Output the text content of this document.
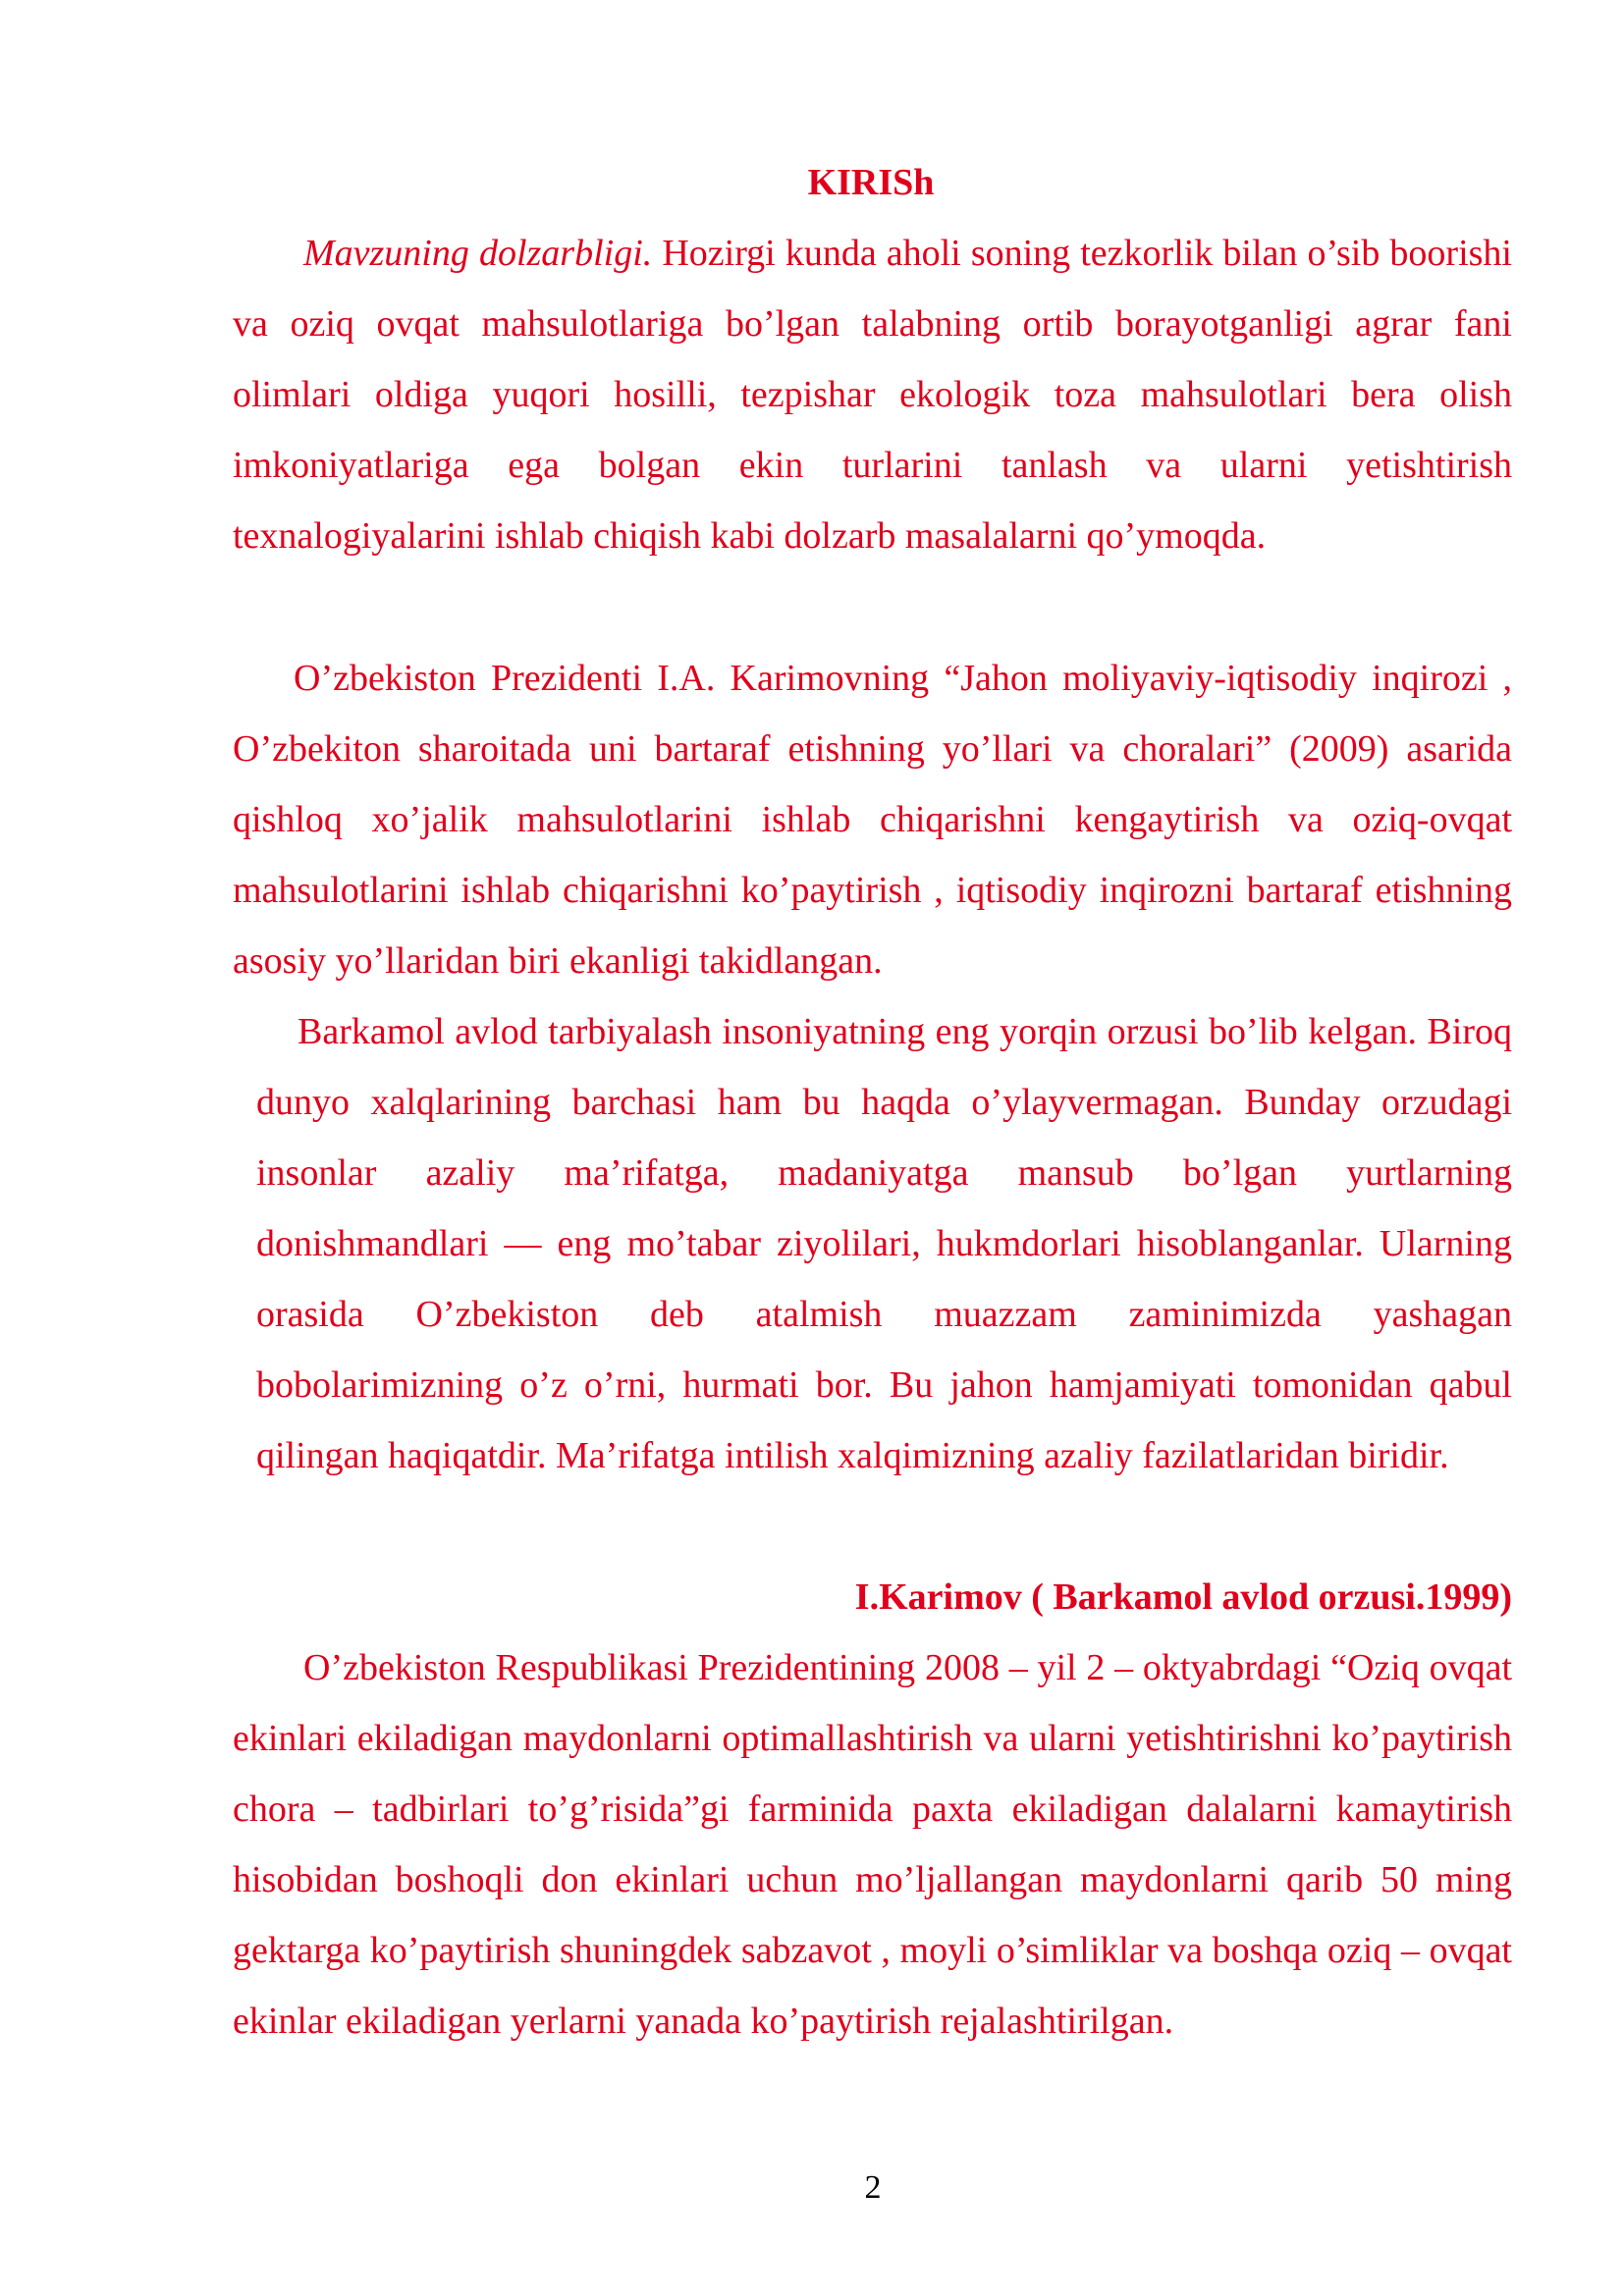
KIRISh
Mavzuning dolzarbligi. Hozirgi kunda aholi soning tezkorlik bilan o’sib boorishi va oziq ovqat mahsulotlariga bo’lgan talabning ortib borayotganligi agrar fani olimlari oldiga yuqori hosilli, tezpishar ekologik toza mahsulotlari bera olish imkoniyatlariga ega bolgan ekin turlarini tanlash va ularni yetishtirish texnalogiyalarini ishlab chiqish kabi dolzarb masalalarni qo’ymoqda.
O’zbekiston Prezidenti I.A. Karimovning “Jahon moliyaviy-iqtisodiy inqirozi , O’zbekiton sharoitada uni bartaraf etishning yo’llari va choralari” (2009) asarida qishloq xo’jalik mahsulotlarini ishlab chiqarishni kengaytirish va oziq-ovqat mahsulotlarini ishlab chiqarishni ko’paytirish , iqtisodiy inqirozni bartaraf etishning asosiy yo’llaridan biri ekanligi takidlangan.
Barkamol avlod tarbiyalash insoniyatning eng yorqin orzusi bo’lib kelgan. Biroq dunyo xalqlarining barchasi ham bu haqda o’ylayvermagan. Bunday orzudagi insonlar azaliy ma’rifatga, madaniyatga mansub bo’lgan yurtlarning donishmandlari — eng mo’tabar ziyolilari, hukmdorlari hisoblanganlar. Ularning orasida O’zbekiston deb atalmish muazzam zaminimizda yashagan bobolarimizning o’z o’rni, hurmati bor. Bu jahon hamjamiyati tomonidan qabul qilingan haqiqatdir. Ma’rifatga intilish xalqimizning azaliy fazilatlaridan biridir.
I.Karimov ( Barkamol avlod orzusi.1999)
O’zbekiston Respublikasi Prezidentining 2008 – yil 2 – oktyabrdagi “Oziq ovqat ekinlari ekiladigan maydonlarni optimallashtirish va ularni yetishtirishni ko’paytirish chora – tadbirlari to’g’risida”gi farminida paxta ekiladigan dalalarni kamaytirish hisobidan boshoqli don ekinlari uchun mo’ljallangan maydonlarni qarib 50 ming gektarga ko’paytirish shuningdek sabzavot , moyli o’simliklar va boshqa oziq – ovqat ekinlar ekiladigan yerlarni yanada ko’paytirish rejalashtirilgan.
2
